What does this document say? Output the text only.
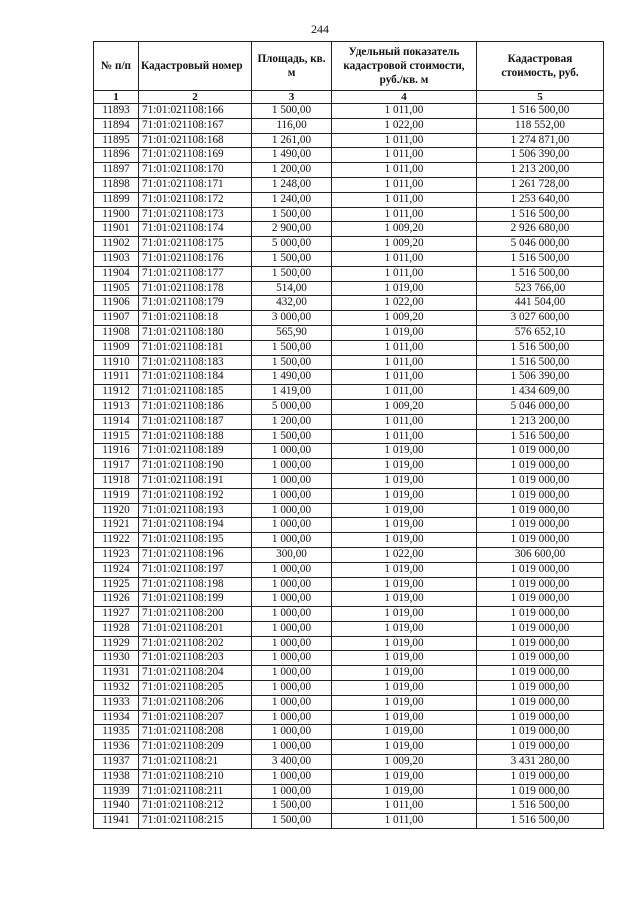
244
№ п/п	Кадастровый номер	Площадь, кв. м	Удельный показатель кадастровой стоимости, руб./кв. м	Кадастровая стоимость, руб.
1	2	3	4	5
11893	71:01:021108:166	1 500,00	1 011,00	1 516 500,00
11894	71:01:021108:167	116,00	1 022,00	118 552,00
11895	71:01:021108:168	1 261,00	1 011,00	1 274 871,00
11896	71:01:021108:169	1 490,00	1 011,00	1 506 390,00
11897	71:01:021108:170	1 200,00	1 011,00	1 213 200,00
11898	71:01:021108:171	1 248,00	1 011,00	1 261 728,00
11899	71:01:021108:172	1 240,00	1 011,00	1 253 640,00
11900	71:01:021108:173	1 500,00	1 011,00	1 516 500,00
11901	71:01:021108:174	2 900,00	1 009,20	2 926 680,00
11902	71:01:021108:175	5 000,00	1 009,20	5 046 000,00
11903	71:01:021108:176	1 500,00	1 011,00	1 516 500,00
11904	71:01:021108:177	1 500,00	1 011,00	1 516 500,00
11905	71:01:021108:178	514,00	1 019,00	523 766,00
11906	71:01:021108:179	432,00	1 022,00	441 504,00
11907	71:01:021108:18	3 000,00	1 009,20	3 027 600,00
11908	71:01:021108:180	565,90	1 019,00	576 652,10
11909	71:01:021108:181	1 500,00	1 011,00	1 516 500,00
11910	71:01:021108:183	1 500,00	1 011,00	1 516 500,00
11911	71:01:021108:184	1 490,00	1 011,00	1 506 390,00
11912	71:01:021108:185	1 419,00	1 011,00	1 434 609,00
11913	71:01:021108:186	5 000,00	1 009,20	5 046 000,00
11914	71:01:021108:187	1 200,00	1 011,00	1 213 200,00
11915	71:01:021108:188	1 500,00	1 011,00	1 516 500,00
11916	71:01:021108:189	1 000,00	1 019,00	1 019 000,00
11917	71:01:021108:190	1 000,00	1 019,00	1 019 000,00
11918	71:01:021108:191	1 000,00	1 019,00	1 019 000,00
11919	71:01:021108:192	1 000,00	1 019,00	1 019 000,00
11920	71:01:021108:193	1 000,00	1 019,00	1 019 000,00
11921	71:01:021108:194	1 000,00	1 019,00	1 019 000,00
11922	71:01:021108:195	1 000,00	1 019,00	1 019 000,00
11923	71:01:021108:196	300,00	1 022,00	306 600,00
11924	71:01:021108:197	1 000,00	1 019,00	1 019 000,00
11925	71:01:021108:198	1 000,00	1 019,00	1 019 000,00
11926	71:01:021108:199	1 000,00	1 019,00	1 019 000,00
11927	71:01:021108:200	1 000,00	1 019,00	1 019 000,00
11928	71:01:021108:201	1 000,00	1 019,00	1 019 000,00
11929	71:01:021108:202	1 000,00	1 019,00	1 019 000,00
11930	71:01:021108:203	1 000,00	1 019,00	1 019 000,00
11931	71:01:021108:204	1 000,00	1 019,00	1 019 000,00
11932	71:01:021108:205	1 000,00	1 019,00	1 019 000,00
11933	71:01:021108:206	1 000,00	1 019,00	1 019 000,00
11934	71:01:021108:207	1 000,00	1 019,00	1 019 000,00
11935	71:01:021108:208	1 000,00	1 019,00	1 019 000,00
11936	71:01:021108:209	1 000,00	1 019,00	1 019 000,00
11937	71:01:021108:21	3 400,00	1 009,20	3 431 280,00
11938	71:01:021108:210	1 000,00	1 019,00	1 019 000,00
11939	71:01:021108:211	1 000,00	1 019,00	1 019 000,00
11940	71:01:021108:212	1 500,00	1 011,00	1 516 500,00
11941	71:01:021108:215	1 500,00	1 011,00	1 516 500,00
